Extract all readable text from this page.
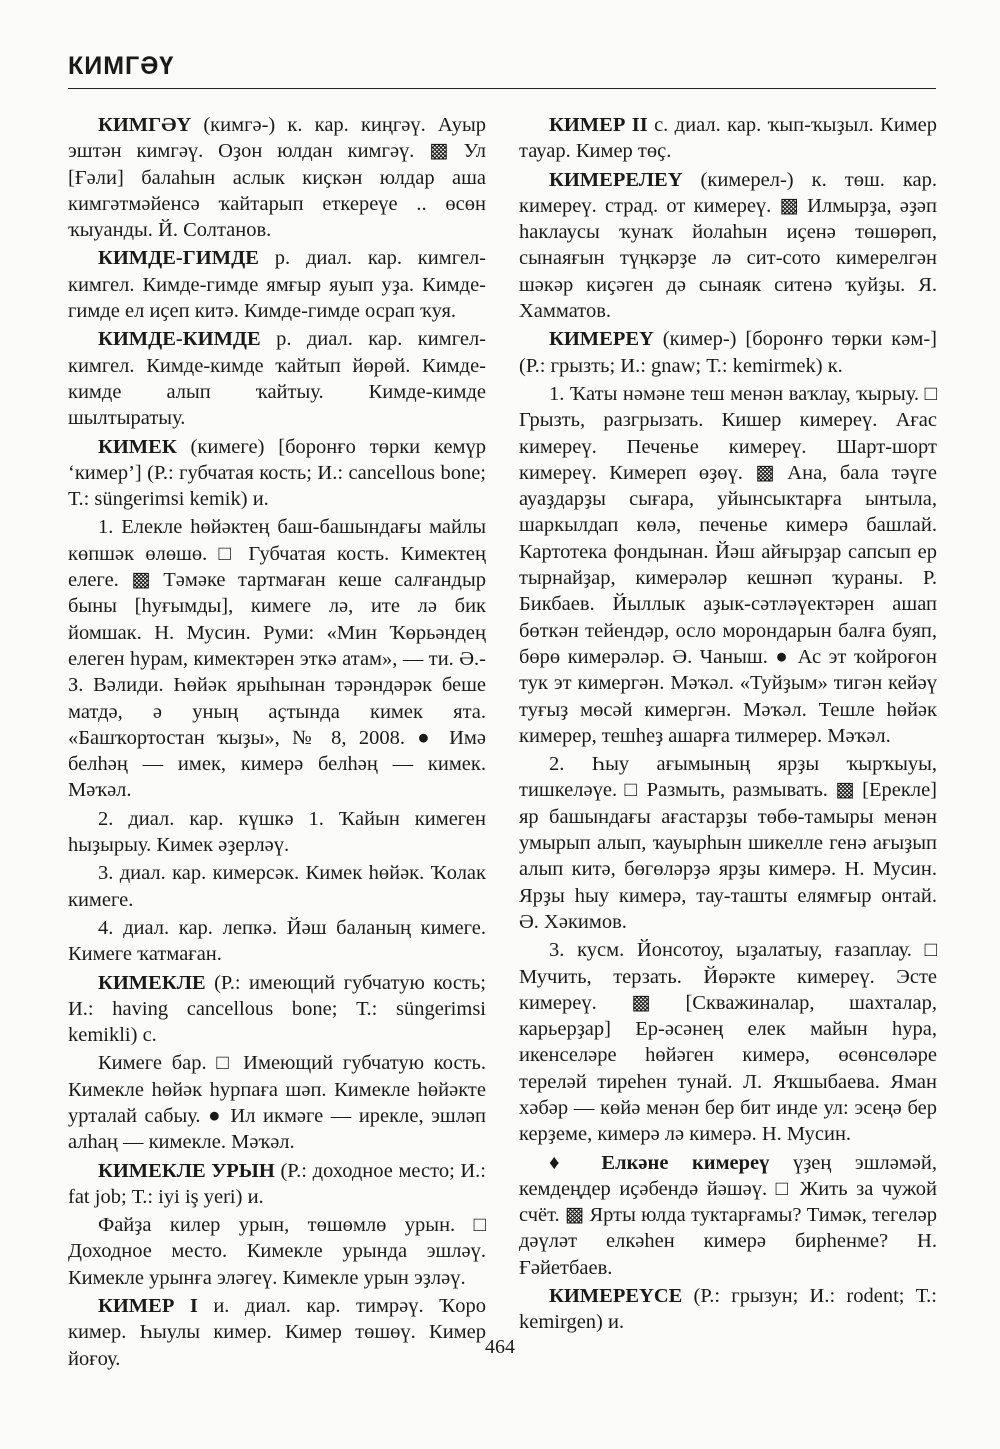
КИМГӘҮ

КИМГӘҮ (кимгә-) к. кар. киңгәү. Ауыр эштән кимгәү. Оҙон юлдан кимгәү. ▩ Ул [Ғәли] балаһын аслык киҫкән юлдар аша кимгәтмәйенсә ҡайтарып еткереүе .. өсөн ҡыуанды. Й. Солтанов.

КИМДЕ-ГИМДЕ р. диал. кар. кимгел-кимгел. Кимде-гимде ямғыр яуып уҙа. Кимде-гимде ел иҫеп китә. Кимде-гимде осрап ҡуя.

КИМДЕ-КИМДЕ р. диал. кар. кимгел-кимгел. Кимде-кимде ҡайтып йөрөй. Кимде-кимде алып ҡайтыу. Кимде-кимде шылтыратыу.

КИМЕК (кимеге) [боронғо төрки кемүр ‘кимер’] (Р.: губчатая кость; И.: cancellous bone; Т.: süngerimsi kemik) и.

1. Елекле һөйәктең баш-башындағы майлы көпшәк өлөшө. □ Губчатая кость. Кимектең елеге. ▩ Тәмәке тартмаған кеше салғандыр быны [һуғымды], кимеге лә, ите лә бик йомшак. Н. Мусин. Руми: «Мин Ҡөрьәндең елеген һурам, кимектәрен эткә атам», — ти. Ә.-З. Вәлиди. Һөйәк ярыһынан тәрәндәрәк беше матдә, ә уның аҫтында кимек ята. «Башҡортостан ҡыҙы», № 8, 2008. ● Имә белһәң — имек, кимерә белһәң — кимек. Мәҡәл.

2. диал. кар. күшкә 1. Ҡайын кимеген һыҙырыу. Кимек әҙерләү.

3. диал. кар. кимерсәк. Кимек һөйәк. Ҡолак кимеге.

4. диал. кар. лепкә. Йәш баланың кимеге. Кимеге ҡатмаған.

КИМЕКЛЕ (Р.: имеющий губчатую кость; И.: having cancellous bone; Т.: süngerimsi kemikli) с.

Кимеге бар. □ Имеющий губчатую кость. Кимекле һөйәк һурпаға шәп. Кимекле һөйәкте урталай сабыу. ● Ил икмәге — ирекле, эшләп алһаң — кимекле. Мәҡәл.

КИМЕКЛЕ УРЫН (Р.: доходное место; И.: fat job; Т.: iyi iş yeri) и.

Файҙа килер урын, төшөмлө урын. □ Доходное место. Кимекле урында эшләү. Кимекле урынға эләгеү. Кимекле урын эҙләү.

КИМЕР I и. диал. кар. тимрәү. Ҡоро кимер. Һыулы кимер. Кимер төшөү. Кимер йоғоу.

КИМЕР II с. диал. кар. ҡып-ҡыҙыл. Кимер тауар. Кимер төҫ.

КИМЕРЕЛЕҮ (кимерел-) к. төш. кар. кимереү. страд. от кимереү. ▩ Илмырҙа, әҙәп һаклаусы ҡунаҡ йолаһын иҫенә төшөрөп, сынаяғын түңкәрҙе лә сит-сото кимерелгән шәкәр киҫәген дә сынаяк ситенә ҡуйҙы. Я. Хамматов.

КИМЕРЕҮ (кимер-) [боронғо төрки кәм-] (Р.: грызть; И.: gnaw; Т.: kemirmek) к.

1. Ҡаты нәмәне теш менән ваҡлау, ҡырыу. □ Грызть, разгрызать. Кишер кимереү. Ағас кимереү. Печенье кимереү. Шарт-шорт кимереү. Кимереп өҙөү. ▩ Ана, бала тәүге ауаҙдарҙы сығара, уйынсыктарға ынтыла, шаркылдап көлә, печенье кимерә башлай. Картотека фондынан. Йәш айғырҙар сапсып ер тырнайҙар, кимерәләр кешнәп ҡураны. Р. Бикбаев. Йыллык аҙык-сәтләүектәрен ашап бөткән тейендәр, осло морондарын балға буяп, бөрө кимерәләр. Ә. Чаныш. ● Ас эт ҡойроғон тук эт кимергән. Мәҡәл. «Туйҙым» тигән кейәү туғыҙ мөсәй кимергән. Мәҡәл. Тешле һөйәк кимерер, тешһеҙ ашарға тилмерер. Мәҡәл.

2. Һыу ағымының ярҙы ҡырҡыуы, тишкеләүе. □ Размыть, размывать. ▩ [Ерекле] яр башындағы ағастарҙы төбө-тамыры менән умырып алып, ҡауырһын шикелле генә ағыҙып алып китә, бөгөләрҙә ярҙы кимерә. Н. Мусин. Ярҙы һыу кимерә, тау-ташты елямғыр онтай. Ә. Хәкимов.

3. кусм. Йонсотоу, ыҙалатыу, ғазаплау. □ Мучить, терзать. Йөрәкте кимереү. Эсте кимереү. ▩ [Скважиналар, шахталар, карьерҙар] Ер-әсәнең елек майын һура, икенселәре һөйәген кимерә, өсөнсөләре тереләй тиреһен тунай. Л. Яҡшыбаева. Яман хәбәр — көйә менән бер бит инде ул: эсеңә бер керҙеме, кимерә лә кимерә. Н. Мусин.

♦ Елкәне кимереү үҙең эшләмәй, кемдеңдер иҫәбендә йәшәү. □ Жить за чужой счёт. ▩ Ярты юлда туктарғамы? Тимәк, тегеләр дәүләт елкәһен кимерә бирһенме? Н. Ғәйетбаев.

КИМЕРЕҮСЕ (Р.: грызун; И.: rodent; Т.: kemirgen) и.

464
